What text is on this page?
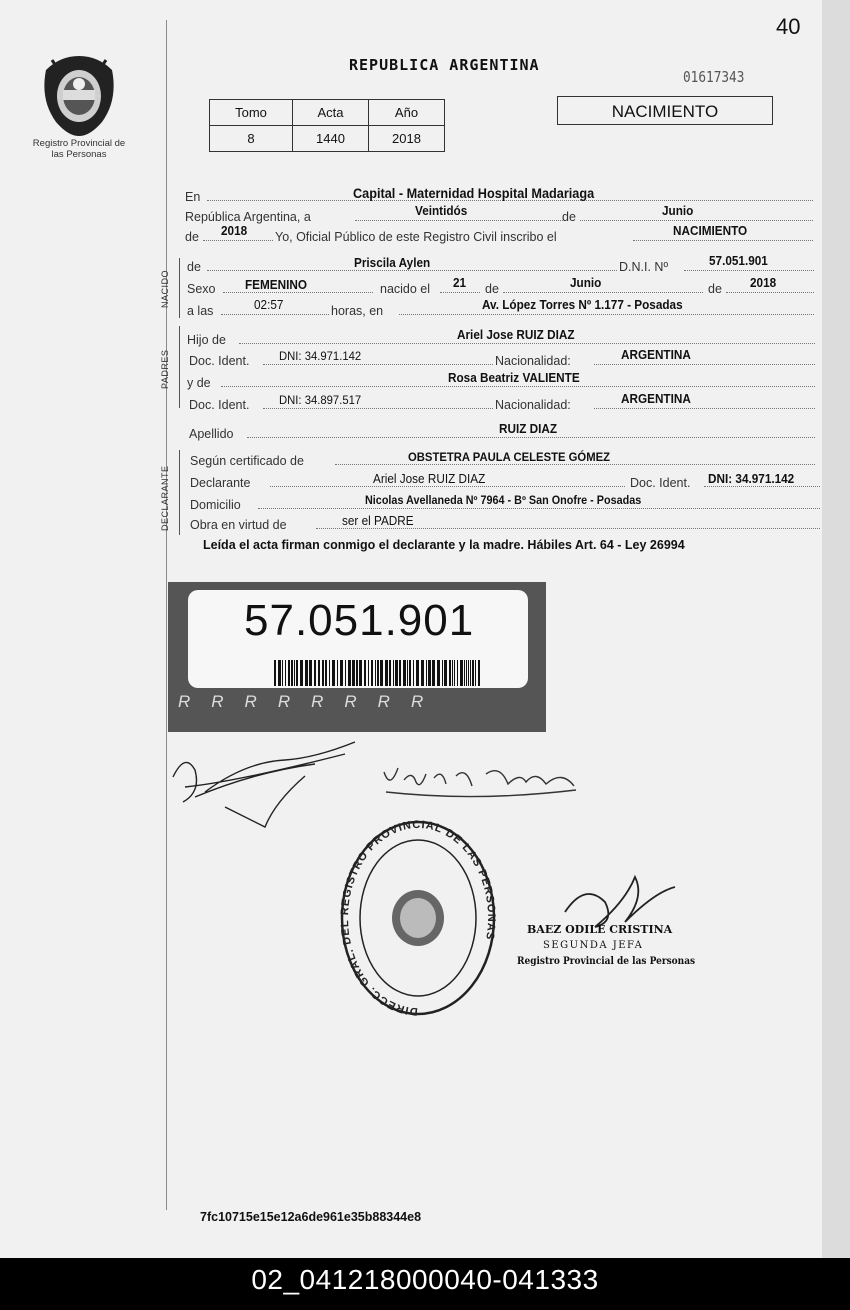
40
Registro Provincial de las Personas
REPUBLICA ARGENTINA
01617343
Tomo	Acta	Año
8	1440	2018
NACIMIENTO
NACIDO
PADRES
DECLARANTE
En	Capital - Maternidad Hospital Madariaga
República Argentina, a	Veintidós	de	Junio
de 2018 Yo, Oficial Público de este Registro Civil inscribo el	NACIMIENTO
de	Priscila Aylen	D.N.I. Nº	57.051.901
Sexo FEMENINO	nacido el 21 de	Junio	de 2018
a las	02:57	horas, en	Av. López Torres Nº 1.177 - Posadas
Hijo de	Ariel Jose RUIZ DIAZ
Doc. Ident. DNI: 34.971.142	Nacionalidad:	ARGENTINA
y de	Rosa Beatriz VALIENTE
Doc. Ident. DNI: 34.897.517	Nacionalidad:	ARGENTINA
Apellido	RUIZ DIAZ
Según certificado de	OBSTETRA PAULA CELESTE GÓMEZ
Declarante	Ariel Jose RUIZ DIAZ	Doc. Ident. DNI: 34.971.142
Domicilio	Nicolas Avellaneda Nº 7964 - Bº San Onofre - Posadas
Obra en virtud de	ser el PADRE
Leída el acta firman conmigo el declarante y la madre. Hábiles Art. 64 - Ley 26994
57.051.901
RRRRRRRR
DIRECC. GRAL. DEL REGISTRO PROVINCIAL DE LAS PERSONAS
BAEZ ODILE CRISTINA
SEGUNDA JEFA
Registro Provincial de las Personas
7fc10715e15e12a6de961e35b88344e8
02_041218000040-041333
